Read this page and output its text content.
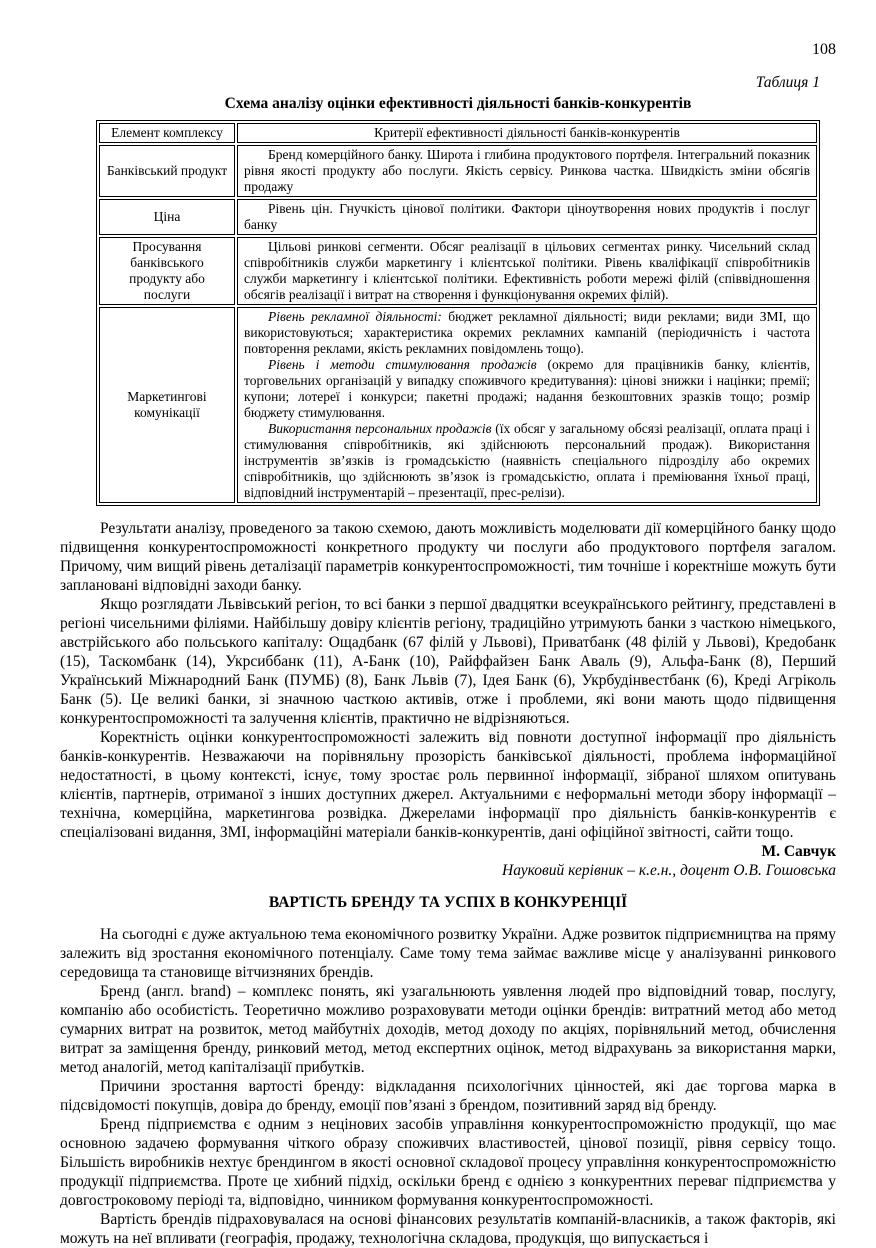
108
Таблиця 1
Схема аналізу оцінки ефективності діяльності банків-конкурентів
Елемент комплексу	Критерії ефективності діяльності банків-конкурентів
Банківський продукт	Бренд комерційного банку. Широта і глибина продуктового портфеля. Інтегральний показник рівня якості продукту або послуги. Якість сервісу. Ринкова частка. Швидкість зміни обсягів продажу
Ціна	Рівень цін. Гнучкість цінової політики. Фактори ціноутворення нових продуктів і послуг банку
Просування банківського продукту або послуги	Цільові ринкові сегменти. Обсяг реалізації в цільових сегментах ринку. Чисельний склад співробітників служби маркетингу і клієнтської політики. Рівень кваліфікації співробітників служби маркетингу і клієнтської політики. Ефективність роботи мережі філій (співвідношення обсягів реалізації і витрат на створення і функціонування окремих філій).
Маркетингові комунікації	Рівень рекламної діяльності: бюджет рекламної діяльності; види реклами; види ЗМІ, що використовуються; характеристика окремих рекламних кампаній (періодичність і частота повторення реклами, якість рекламних повідомлень тощо).

Рівень і методи стимулювання продажів (окремо для працівників банку, клієнтів, торговельних організацій у випадку споживчого кредитування): цінові знижки і націнки; премії; купони; лотереї і конкурси; пакетні продажі; надання безкоштовних зразків тощо; розмір бюджету стимулювання.

Використання персональних продажів (їх обсяг у загальному обсязі реалізації, оплата праці і стимулювання співробітників, які здійснюють персональний продаж). Використання інструментів зв’язків із громадськістю (наявність спеціального підрозділу або окремих співробітників, що здійснюють зв’язок із громадськістю, оплата і преміювання їхньої праці, відповідний інструментарій – презентації, прес-релізи).

Результати аналізу, проведеного за такою схемою, дають можливість моделювати дії комерційного банку щодо підвищення конкурентоспроможності конкретного продукту чи послуги або продуктового портфеля загалом. Причому, чим вищий рівень деталізації параметрів конкурентоспроможності, тим точніше і коректніше можуть бути заплановані відповідні заходи банку.

Якщо розглядати Львівський регіон, то всі банки з першої двадцятки всеукраїнського рейтингу, представлені в регіоні чисельними філіями. Найбільшу довіру клієнтів регіону, традиційно утримують банки з часткою німецького, австрійського або польського капіталу: Ощадбанк (67 філій у Львові), Приватбанк (48 філій у Львові), Кредобанк (15), Таскомбанк (14), Укрсиббанк (11), А-Банк (10), Райффайзен Банк Аваль (9), Альфа-Банк (8), Перший Український Міжнародний Банк (ПУМБ) (8), Банк Львів (7), Ідея Банк (6), Укрбудінвестбанк (6), Креді Агріколь Банк (5). Це великі банки, зі значною часткою активів, отже і проблеми, які вони мають щодо підвищення конкурентоспроможності та залучення клієнтів, практично не відрізняються.

Коректність оцінки конкурентоспроможності залежить від повноти доступної інформації про діяльність банків-конкурентів. Незважаючи на порівняльну прозорість банківської діяльності, проблема інформаційної недостатності, в цьому контексті, існує, тому зростає роль первинної інформації, зібраної шляхом опитувань клієнтів, партнерів, отриманої з інших доступних джерел. Актуальними є неформальні методи збору інформації – технічна, комерційна, маркетингова розвідка. Джерелами інформації про діяльність банків-конкурентів є спеціалізовані видання, ЗМІ, інформаційні матеріали банків-конкурентів, дані офіційної звітності, сайти тощо.

М. Савчук

Науковий керівник – к.е.н., доцент О.В. Гошовська

ВАРТІСТЬ БРЕНДУ ТА УСПІХ В КОНКУРЕНЦІЇ

На сьогодні є дуже актуальною тема економічного розвитку України. Адже розвиток підприємництва на пряму залежить від зростання економічного потенціалу. Саме тому тема займає важливе місце у аналізуванні ринкового середовища та становище вітчизняних брендів.

Бренд (англ. brand) – комплекс понять, які узагальнюють уявлення людей про відповідний товар, послугу, компанію або особистість. Теоретично можливо розраховувати методи оцінки брендів: витратний метод або метод сумарних витрат на розвиток, метод майбутніх доходів, метод доходу по акціях, порівняльний метод, обчислення витрат за заміщення бренду, ринковий метод, метод експертних оцінок, метод відрахувань за використання марки, метод аналогій, метод капіталізації прибутків.

Причини зростання вартості бренду: відкладання психологічних цінностей, які дає торгова марка в підсвідомості покупців, довіра до бренду, емоції пов’язані з брендом, позитивний заряд від бренду.

Бренд підприємства є одним з нецінових засобів управління конкурентоспроможністю продукції, що має основною задачею формування чіткого образу споживчих властивостей, цінової позиції, рівня сервісу тощо. Більшість виробників нехтує брендингом в якості основної складової процесу управління конкурентоспроможністю продукції підприємства. Проте це хибний підхід, оскільки бренд є однією з конкурентних переваг підприємства у довгостроковому періоді та, відповідно, чинником формування конкурентоспроможності.

Вартість брендів підраховувалася на основі фінансових результатів компаній-власників, а також факторів, які можуть на неї впливати (географія, продажу, технологічна складова, продукція, що випускається і
